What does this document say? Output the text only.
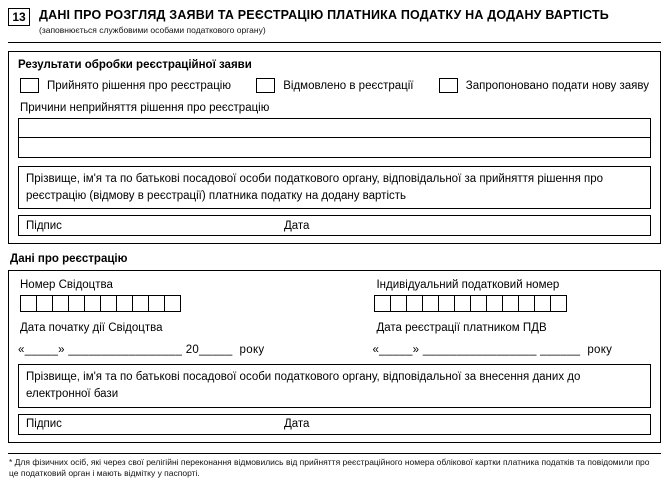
13 ДАНІ ПРО РОЗГЛЯД ЗАЯВИ ТА РЕЄСТРАЦІЮ ПЛАТНИКА ПОДАТКУ НА ДОДАНУ ВАРТІСТЬ
(заповнюється службовими особами податкового органу)
Результати обробки реєстраційної заяви
Прийнято рішення про реєстрацію	Відмовлено в реєстрації	Запропоновано подати нову заяву
Причини неприйняття рішення про реєстрацію
Прізвище, ім'я та по батькові посадової особи податкового органу, відповідальної за прийняття рішення про реєстрацію (відмову в реєстрації) платника податку на додану вартість
Підпис	Дата
Дані про реєстрацію
Номер Свідоцтва	Індивідуальний податковий номер
Дата початку дії Свідоцтва	Дата реєстрації платником ПДВ
«_____» _________________ 20_____  року	«_____» _________________ ______  року
Прізвище, ім'я та по батькові посадової особи податкового органу, відповідальної за внесення даних до електронної бази
Підпис	Дата
* Для фізичних осіб, які через свої релігійні переконання відмовились від прийняття реєстраційного номера облікової картки платника податків та повідомили про це податковий орган і мають відмітку у паспорті.
